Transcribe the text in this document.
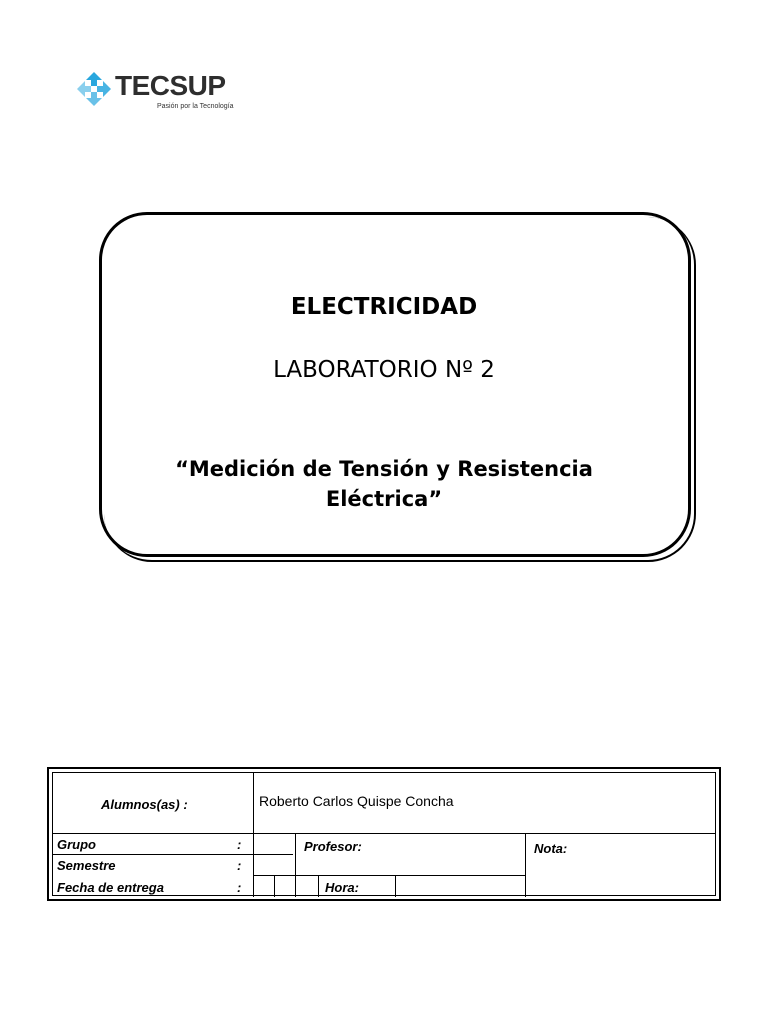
TECSUP
Pasión por la Tecnología
ELECTRICIDAD
LABORATORIO Nº 2
“Medición de Tensión y Resistencia
Eléctrica”
Alumnos(as) :	Roberto Carlos Quispe Concha
Grupo	:
Semestre	:
Fecha de entrega	:
Profesor:	Nota:
Hora:
